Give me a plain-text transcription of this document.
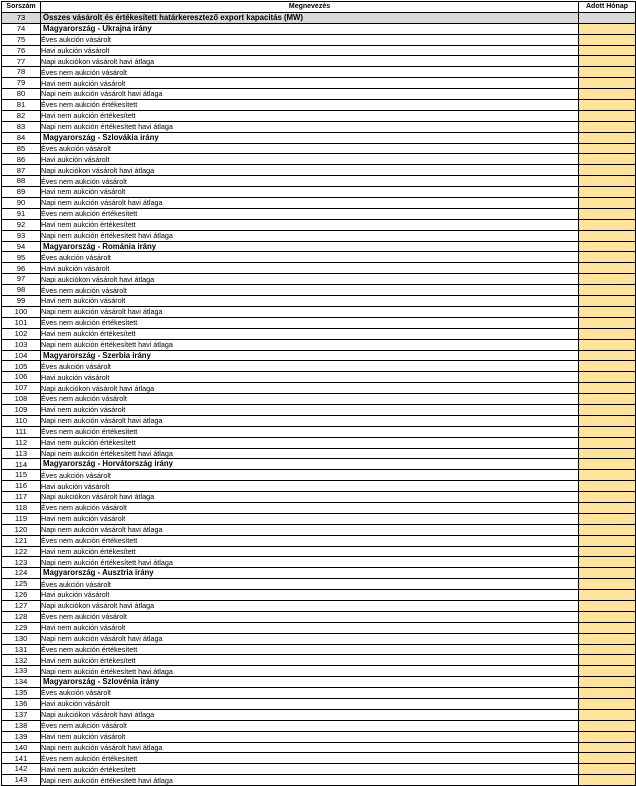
Sorszám	Megnevezés	Adott Hónap
73	Összes vásárolt és értékesített határkeresztező export kapacitás (MW)	
74	Magyarország - Ukrajna irány	
75	Éves aukción vásárolt	
76	Havi aukción vásárolt	
77	Napi aukciókon vásárolt havi átlaga	
78	Éves nem aukción vásárolt	
79	Havi nem aukción vásárolt	
80	Napi nem aukción vásárolt havi átlaga	
81	Éves nem aukción értékesített	
82	Havi nem aukción értékesített	
83	Napi nem aukción értékesített havi átlaga	
84	Magyarország - Szlovákia irány	
85	Éves aukción vásárolt	
86	Havi aukción vásárolt	
87	Napi aukciókon vásárolt havi átlaga	
88	Éves nem aukción vásárolt	
89	Havi nem aukción vásárolt	
90	Napi nem aukción vásárolt havi átlaga	
91	Éves nem aukción értékesített	
92	Havi nem aukción értékesített	
93	Napi nem aukción értékesített havi átlaga	
94	Magyarország - Románia irány	
95	Éves aukción vásárolt	
96	Havi aukción vásárolt	
97	Napi aukciókon vásárolt havi átlaga	
98	Éves nem aukción vásárolt	
99	Havi nem aukción vásárolt	
100	Napi nem aukción vásárolt havi átlaga	
101	Éves nem aukción értékesített	
102	Havi nem aukción értékesített	
103	Napi nem aukción értékesített havi átlaga	
104	Magyarország - Szerbia irány	
105	Éves aukción vásárolt	
106	Havi aukción vásárolt	
107	Napi aukciókon vásárolt havi átlaga	
108	Éves nem aukción vásárolt	
109	Havi nem aukción vásárolt	
110	Napi nem aukción vásárolt havi átlaga	
111	Éves nem aukción értékesített	
112	Havi nem aukción értékesített	
113	Napi nem aukción értékesített havi átlaga	
114	Magyarország - Horvátország irány	
115	Éves aukción vásárolt	
116	Havi aukción vásárolt	
117	Napi aukciókon vásárolt havi átlaga	
118	Éves nem aukción vásárolt	
119	Havi nem aukción vásárolt	
120	Napi nem aukción vásárolt havi átlaga	
121	Éves nem aukción értékesített	
122	Havi nem aukción értékesített	
123	Napi nem aukción értékesített havi átlaga	
124	Magyarország - Ausztria irány	
125	Éves aukción vásárolt	
126	Havi aukción vásárolt	
127	Napi aukciókon vásárolt havi átlaga	
128	Éves nem aukción vásárolt	
129	Havi nem aukción vásárolt	
130	Napi nem aukción vásárolt havi átlaga	
131	Éves nem aukción értékesített	
132	Havi nem aukción értékesített	
133	Napi nem aukción értékesített havi átlaga	
134	Magyarország - Szlovénia irány	
135	Éves aukción vásárolt	
136	Havi aukción vásárolt	
137	Napi aukciókon vásárolt havi átlaga	
138	Éves nem aukción vásárolt	
139	Havi nem aukción vásárolt	
140	Napi nem aukción vásárolt havi átlaga	
141	Éves nem aukción értékesített	
142	Havi nem aukción értékesített	
143	Napi nem aukción értékesített havi átlaga	
